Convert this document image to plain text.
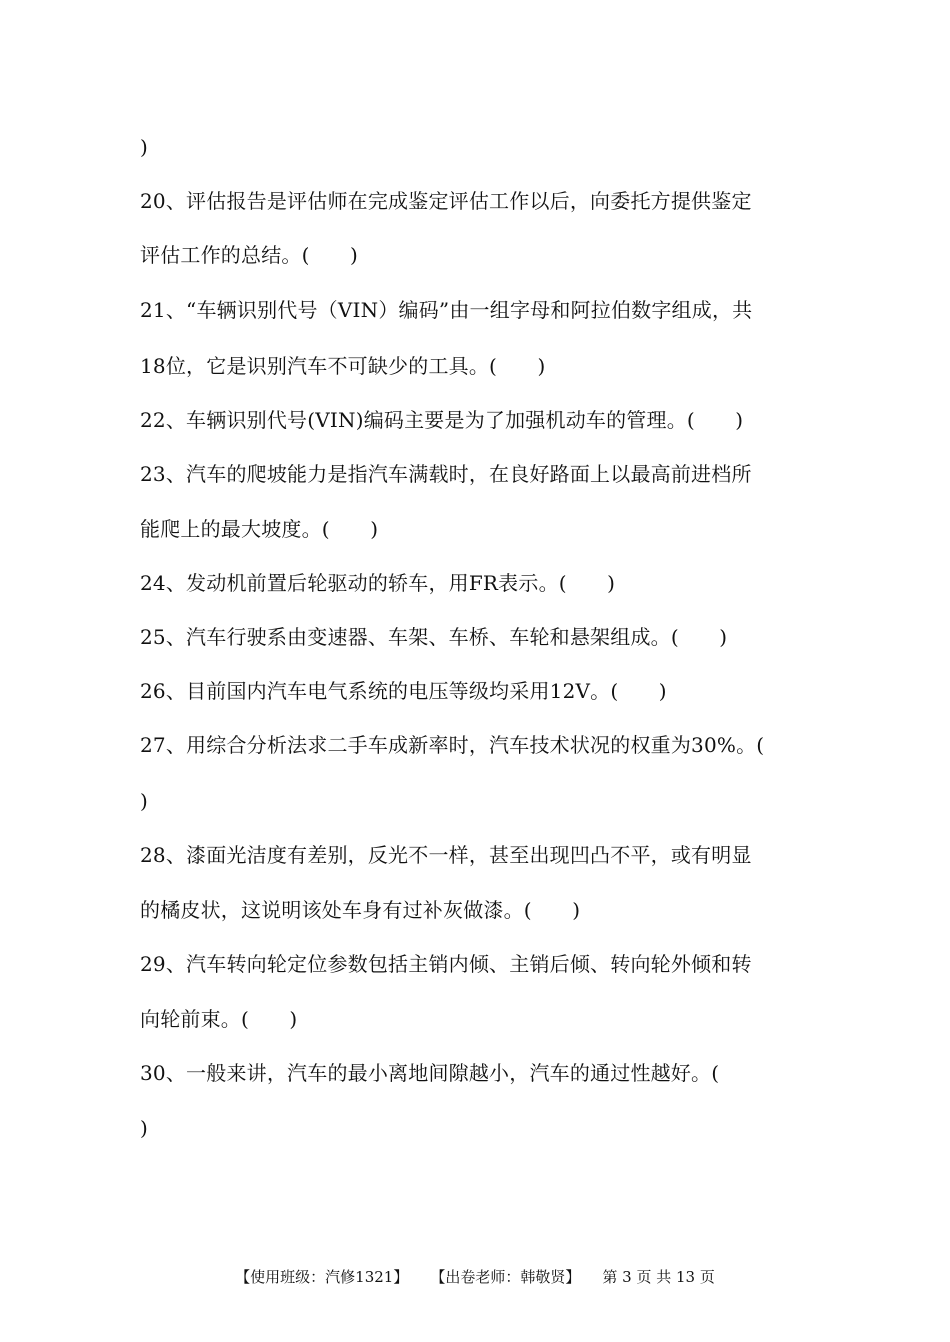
)
20、评估报告是评估师在完成鉴定评估工作以后，向委托方提供鉴定
评估工作的总结。(　　)
21、“车辆识别代号（VIN）编码”由一组字母和阿拉伯数字组成，共
18位，它是识别汽车不可缺少的工具。(　　)
22、车辆识别代号(VIN)编码主要是为了加强机动车的管理。(　　)
23、汽车的爬坡能力是指汽车满载时，在良好路面上以最高前进档所
能爬上的最大坡度。(　　)
24、发动机前置后轮驱动的轿车，用FR表示。(　　)
25、汽车行驶系由变速器、车架、车桥、车轮和悬架组成。(　　)
26、目前国内汽车电气系统的电压等级均采用12V。(　　)
27、用综合分析法求二手车成新率时，汽车技术状况的权重为30%。(
)
28、漆面光洁度有差别，反光不一样，甚至出现凹凸不平，或有明显
的橘皮状，这说明该处车身有过补灰做漆。(　　)
29、汽车转向轮定位参数包括主销内倾、主销后倾、转向轮外倾和转
向轮前束。(　　)
30、一般来讲，汽车的最小离地间隙越小，汽车的通过性越好。(
)
【使用班级：汽修1321】 【出卷老师：韩敬贤】 第 3 页 共 13 页
